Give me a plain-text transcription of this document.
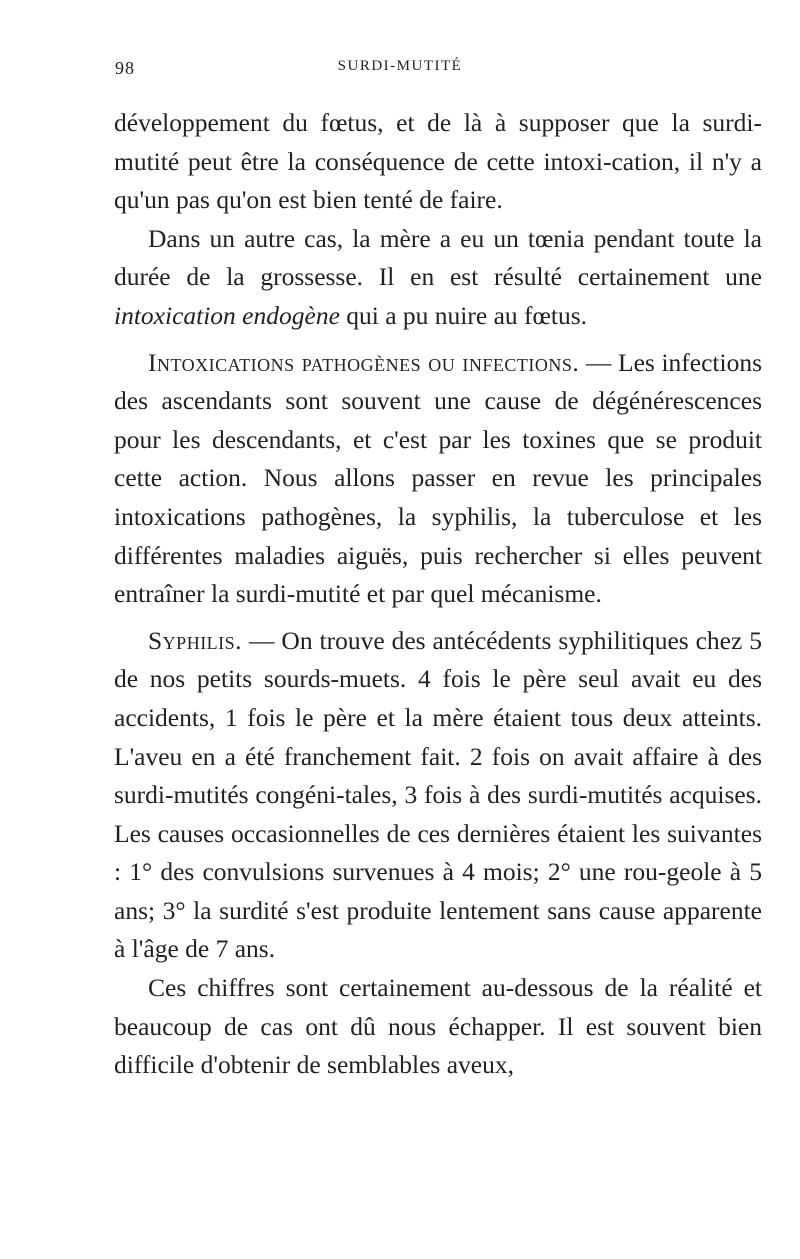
98	SURDI-MUTITÉ

développement du fœtus, et de là à supposer que la surdi-mutité peut être la conséquence de cette intoxi-cation, il n'y a qu'un pas qu'on est bien tenté de faire.

Dans un autre cas, la mère a eu un tœnia pendant toute la durée de la grossesse. Il en est résulté certainement une intoxication endogène qui a pu nuire au fœtus.

Intoxications pathogènes ou infections. — Les infections des ascendants sont souvent une cause de dégénérescences pour les descendants, et c'est par les toxines que se produit cette action. Nous allons passer en revue les principales intoxications pathogènes, la syphilis, la tuberculose et les différentes maladies aiguës, puis rechercher si elles peuvent entraîner la surdi-mutité et par quel mécanisme.

Syphilis. — On trouve des antécédents syphilitiques chez 5 de nos petits sourds-muets. 4 fois le père seul avait eu des accidents, 1 fois le père et la mère étaient tous deux atteints. L'aveu en a été franchement fait. 2 fois on avait affaire à des surdi-mutités congéni-tales, 3 fois à des surdi-mutités acquises. Les causes occasionnelles de ces dernières étaient les suivantes : 1° des convulsions survenues à 4 mois; 2° une rou-geole à 5 ans; 3° la surdité s'est produite lentement sans cause apparente à l'âge de 7 ans.

Ces chiffres sont certainement au-dessous de la réalité et beaucoup de cas ont dû nous échapper. Il est souvent bien difficile d'obtenir de semblables aveux,
